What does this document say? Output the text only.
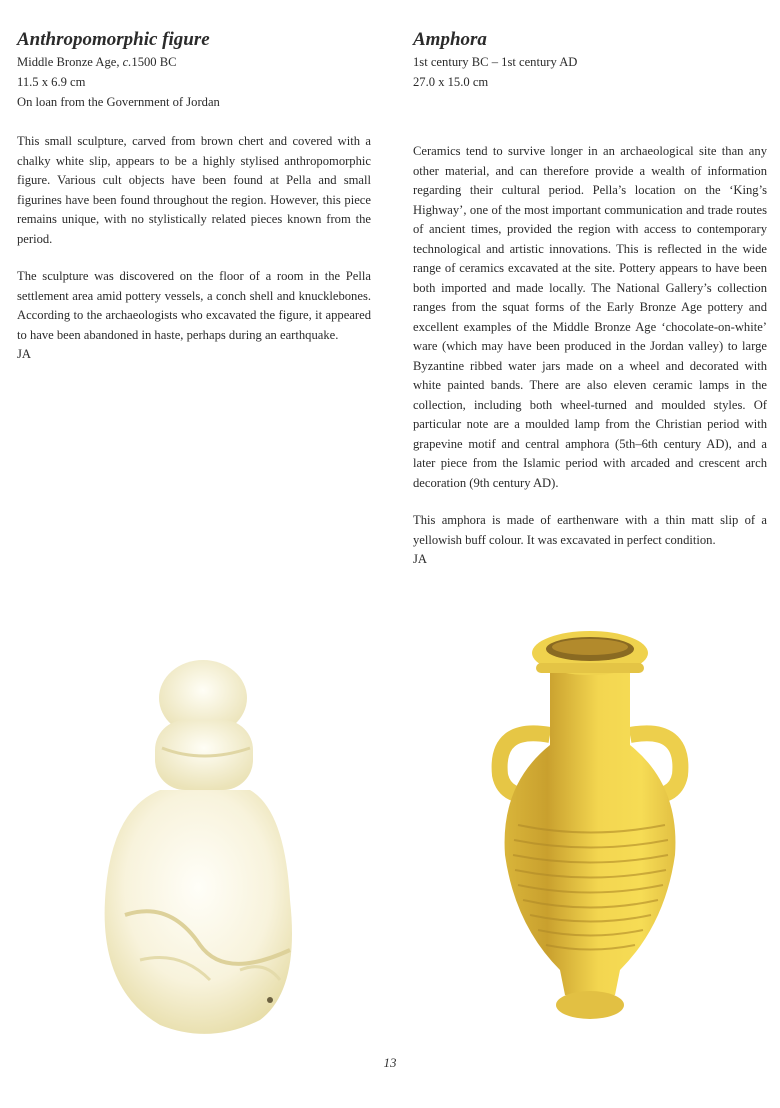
Anthropomorphic figure

Middle Bronze Age, c.1500 BC

11.5 x 6.9 cm

On loan from the Government of Jordan

This small sculpture, carved from brown chert and covered with a chalky white slip, appears to be a highly stylised anthropomorphic figure. Various cult objects have been found at Pella and small figurines have been found throughout the region. However, this piece remains unique, with no stylistically related pieces known from the period.

The sculpture was discovered on the floor of a room in the Pella settlement area amid pottery vessels, a conch shell and knucklebones. According to the archaeologists who excavated the figure, it appeared to have been abandoned in haste, perhaps during an earthquake.

JA

Amphora

1st century BC – 1st century AD

27.0 x 15.0 cm

Ceramics tend to survive longer in an archaeological site than any other material, and can therefore provide a wealth of information regarding their cultural period. Pella’s location on the ‘King’s Highway’, one of the most important communication and trade routes of ancient times, provided the region with access to contemporary technological and artistic innovations. This is reflected in the wide range of ceramics excavated at the site. Pottery appears to have been both imported and made locally. The National Gallery’s collection ranges from the squat forms of the Early Bronze Age pottery and excellent examples of the Middle Bronze Age ‘chocolate-on-white’ ware (which may have been produced in the Jordan valley) to large Byzantine ribbed water jars made on a wheel and decorated with white painted bands. There are also eleven ceramic lamps in the collection, including both wheel-turned and moulded styles. Of particular note are a moulded lamp from the Christian period with grapevine motif and central amphora (5th–6th century AD), and a later piece from the Islamic period with arcaded and crescent arch decoration (9th century AD).

This amphora is made of earthenware with a thin matt slip of a yellowish buff colour. It was excavated in perfect condition.

JA

13
